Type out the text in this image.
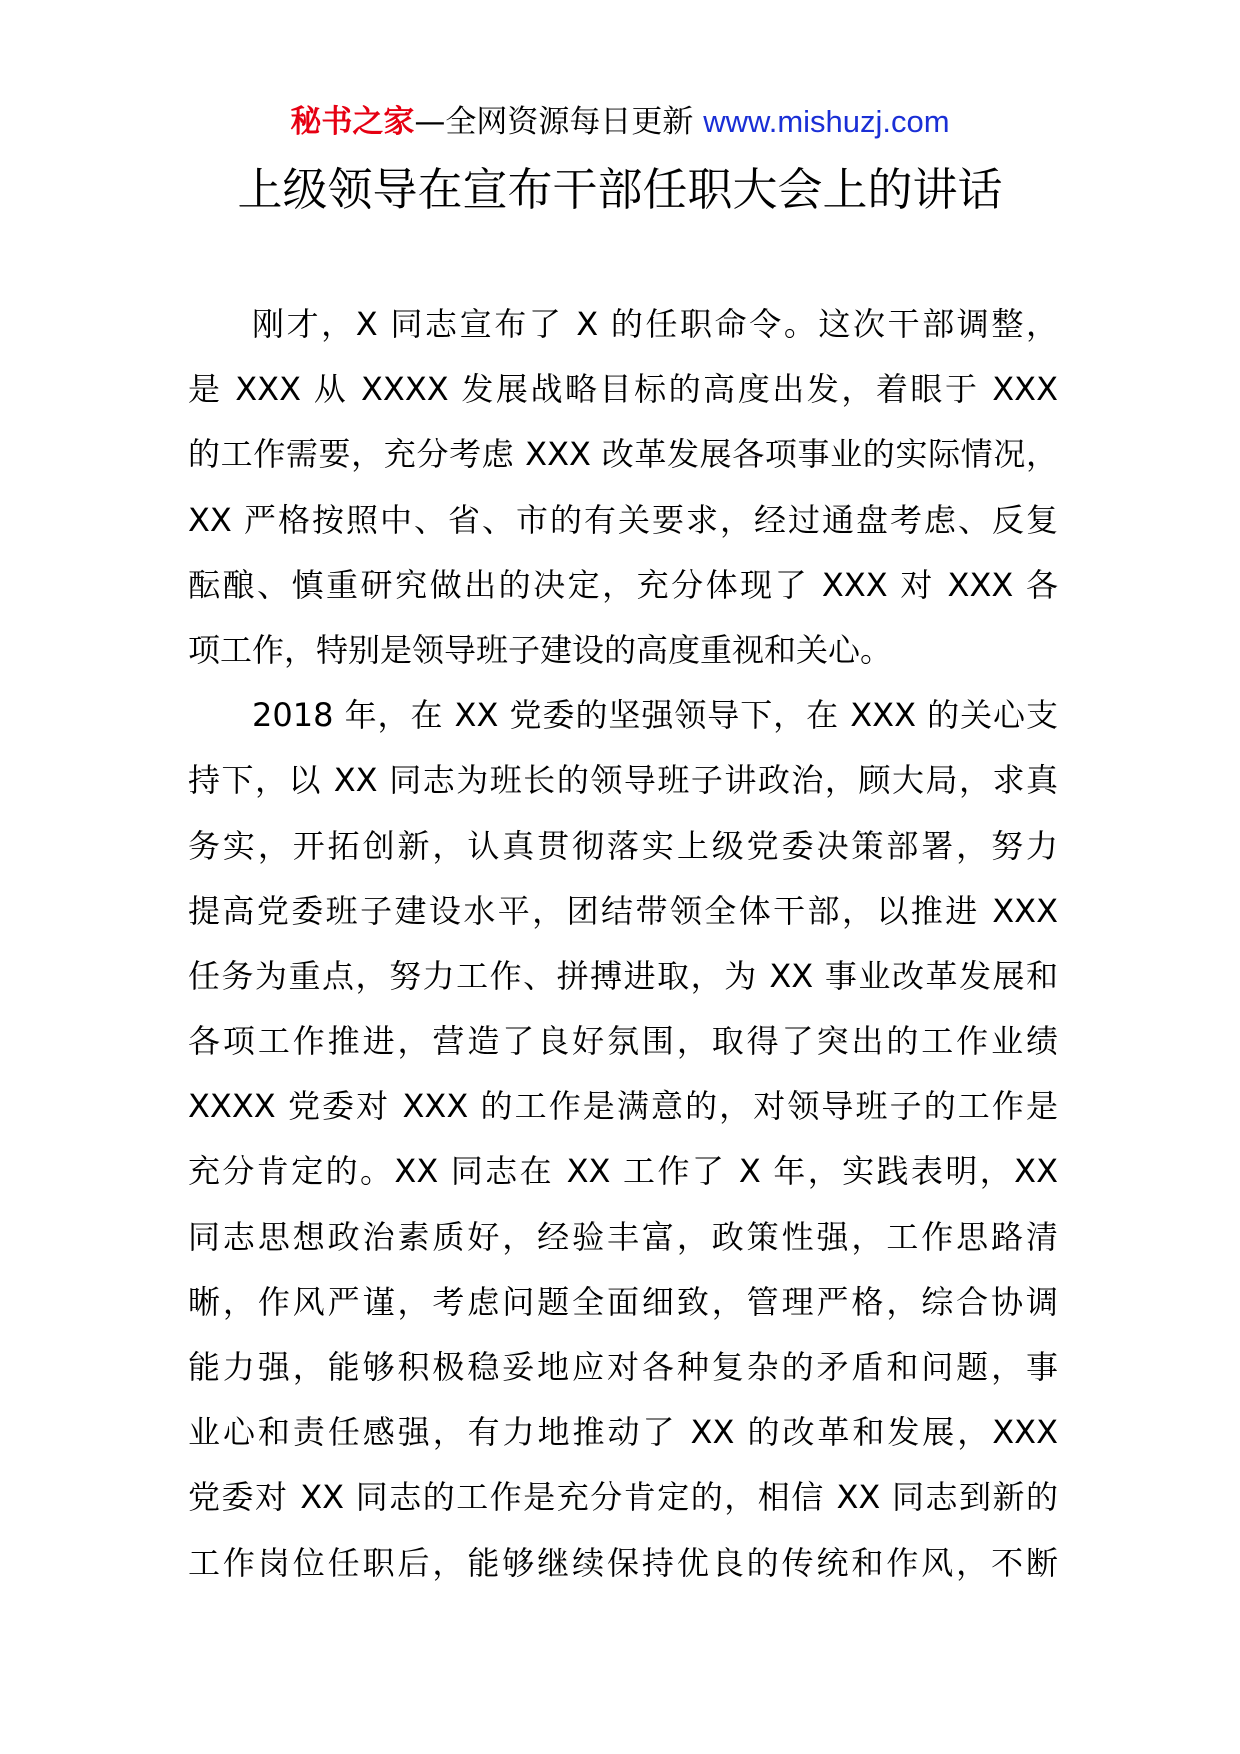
秘书之家—全网资源每日更新 www.mishuzj.com
上级领导在宣布干部任职大会上的讲话
刚才，X 同志宣布了 X 的任职命令。这次干部调整，
是 XXX 从 XXXX 发展战略目标的高度出发，着眼于 XXX
的工作需要，充分考虑 XXX 改革发展各项事业的实际情况，
XX 严格按照中、省、市的有关要求，经过通盘考虑、反复
酝酿、慎重研究做出的决定，充分体现了 XXX 对 XXX 各
项工作，特别是领导班子建设的高度重视和关心。
2018 年，在 XX 党委的坚强领导下，在 XXX 的关心支
持下，以 XX 同志为班长的领导班子讲政治，顾大局，求真
务实，开拓创新，认真贯彻落实上级党委决策部署，努力
提高党委班子建设水平，团结带领全体干部，以推进 XXX
任务为重点，努力工作、拼搏进取，为 XX 事业改革发展和
各项工作推进，营造了良好氛围，取得了突出的工作业绩
XXXX 党委对 XXX 的工作是满意的，对领导班子的工作是
充分肯定的。XX 同志在 XX 工作了 X 年，实践表明，XX
同志思想政治素质好，经验丰富，政策性强，工作思路清
晰，作风严谨，考虑问题全面细致，管理严格，综合协调
能力强，能够积极稳妥地应对各种复杂的矛盾和问题，事
业心和责任感强，有力地推动了 XX 的改革和发展，XXX
党委对 XX 同志的工作是充分肯定的，相信 XX 同志到新的
工作岗位任职后，能够继续保持优良的传统和作风，不断
